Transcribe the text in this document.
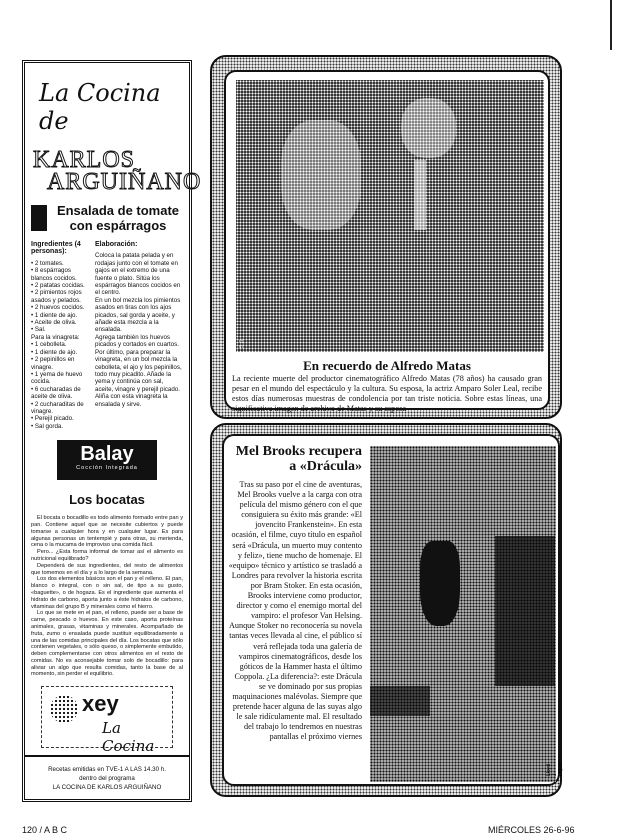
La Cocina de
KARLOS
ARGUIÑANO
Ensalada de tomate con espárragos
Ingredientes (4 personas):
• 2 tomates.
• 8 espárragos blancos cocidos.
• 2 patatas cocidas.
• 2 pimientos rojos asados y pelados.
• 2 huevos cocidos.
• 1 diente de ajo.
• Aceite de oliva.
• Sal.
Para la vinagreta:
• 1 cebolleta.
• 1 diente de ajo.
• 2 pepinillos en vinagre.
• 1 yema de huevo cocida.
• 6 cucharadas de aceite de oliva.
• 2 cucharaditas de vinagre.
• Perejil picado.
• Sal gorda.
Elaboración:
Coloca la patata pelada y en rodajas junto con el tomate en gajos en el extremo de una fuente o plato. Sitúa los espárragos blancos cocidos en el centro.
En un bol mezcla los pimientos asados en tiras con los ajos picados, sal gorda y aceite, y añade esta mezcla a la ensalada.
Agrega también los huevos picados y cortados en cuartos.
Por último, para preparar la vinagreta, en un bol mezcla la cebolleta, el ajo y los pepinillos, todo muy picadito. Añade la yema y continúa con sal, aceite, vinagre y perejil picado.
Aliña con esta vinagreta la ensalada y sirve.
Balay
Cocción Integrada
Los bocatas

El bocata o bocadillo es todo alimento formado entre pan y pan. Contiene aquel que se necesite cubiertos y puede tomarse a cualquier hora y en cualquier lugar. Es para algunas personas un tentempié y para otras, su merienda, cena o la mucama de improviso una comida fácil.

Pero... ¿Esta forma informal de tomar así el alimento es nutricional equilibrado?

Dependerá de sus ingredientes, del resto de alimentos que tomemos en el día y a lo largo de la semana.

Los dos elementos básicos son el pan y el relleno. El pan, blanco o integral, con o sin sal, de tipo a su gusto, «baguette», o de hogaza. Es el ingrediente que aumenta el hidrato de carbono, aporta junto a éste hidratos de carbono, vitaminas del grupo B y minerales como el hierro.

Lo que se mete en el pan, el relleno, puede ser a base de carne, pescado o huevos. En este caso, aporta proteínas animales, grasas, vitaminas y minerales. Acompañado de fruta, zumo o ensalada puede sustituir equilibradamente a una de las comidas principales del día. Los bocatas que sólo contienen vegetales, o sólo queso, o simplemente embutido, deben complementarse con otros alimentos en el resto de comidas. No es aconsejable tomar solo de bocadillo: para aliviar un algo que resulta comidas, tanto la base de al momento, sin perder el equilibrio.

xey
La Cocina
Recetas emitidas en TVE-1 A LAS 14.30 h.
dentro del programa
LA COCINA DE KARLOS ARGUIÑANO
S.G.
En recuerdo de Alfredo Matas
La reciente muerte del productor cinematográfico Alfredo Matas (78 años) ha causado gran pesar en el mundo del espectáculo y la cultura. Su esposa, la actriz Amparo Soler Leal, recibe estos días numerosas muestras de condolencia por tan triste noticia. Sobre estas líneas, una significativa imagen de archivo de Matas y su esposa
Mel Brooks recupera
a «Drácula»
Tras su paso por el cine de aventuras, Mel Brooks vuelve a la carga con otra película del mismo género con el que consiguiera su éxito más grande: «El jovencito Frankenstein». En esta ocasión, el filme, cuyo título en español será «Drácula, un muerto muy contento y feliz», tiene mucho de homenaje. El «equipo» técnico y artístico se trasladó a Londres para revolver la historia escrita por Bram Stoker. En esta ocasión, Brooks interviene como productor, director y como el enemigo mortal del vampiro: el profesor Van Helsing. Aunque Stoker no reconocería su novela tantas veces llevada al cine, el público sí verá reflejada toda una galería de vampiros cinematográficos, desde los góticos de la Hammer hasta el último Coppola. ¿La diferencia?: este Drácula se ve dominado por sus propias maquinaciones malévolas. Siempre que pretende hacer alguna de las suyas algo le sale ridículamente mal. El resultado del trabajo lo tendremos en nuestras pantallas el próximo viernes
Lloyd J. López
120 / A B C	MIÉRCOLES 26-6-96
